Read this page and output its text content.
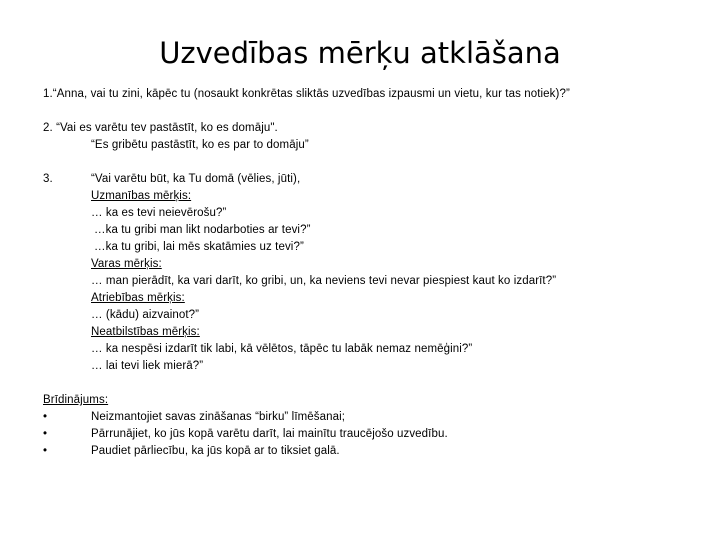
Uzvedības mērķu atklāšana
1.“Anna, vai tu zini, kāpēc tu (nosaukt konkrētas sliktās uzvedības izpausmi un vietu, kur tas notiek)?”
2. “Vai es varētu tev pastāstīt, ko es domāju".
“Es gribētu pastāstīt, ko es par to domāju”
3.	“Vai varētu būt, ka Tu domā (vēlies, jūti),
Uzmanības mērķis:
… ka es tevi neievērošu?”
…ka tu gribi man likt nodarboties ar tevi?”
…ka tu gribi, lai mēs skatāmies uz tevi?”
Varas mērķis:
… man pierādīt, ka vari darīt, ko gribi, un, ka neviens tevi nevar piespiest kaut ko izdarīt?”
Atriebības mērķis:
… (kādu) aizvainot?”
Neatbilstības mērķis:
… ka nespēsi izdarīt tik labi, kā vēlētos, tāpēc tu labāk nemaz nemēģini?”
… lai tevi liek mierā?”
Brīdinājums:
•	Neizmantojiet savas zināšanas “birku” līmēšanai;
•	Pārrunājiet, ko jūs kopā varētu darīt, lai mainītu traucējošo uzvedību.
•	Paudiet pārliecību, ka jūs kopā ar to tiksiet galā.
